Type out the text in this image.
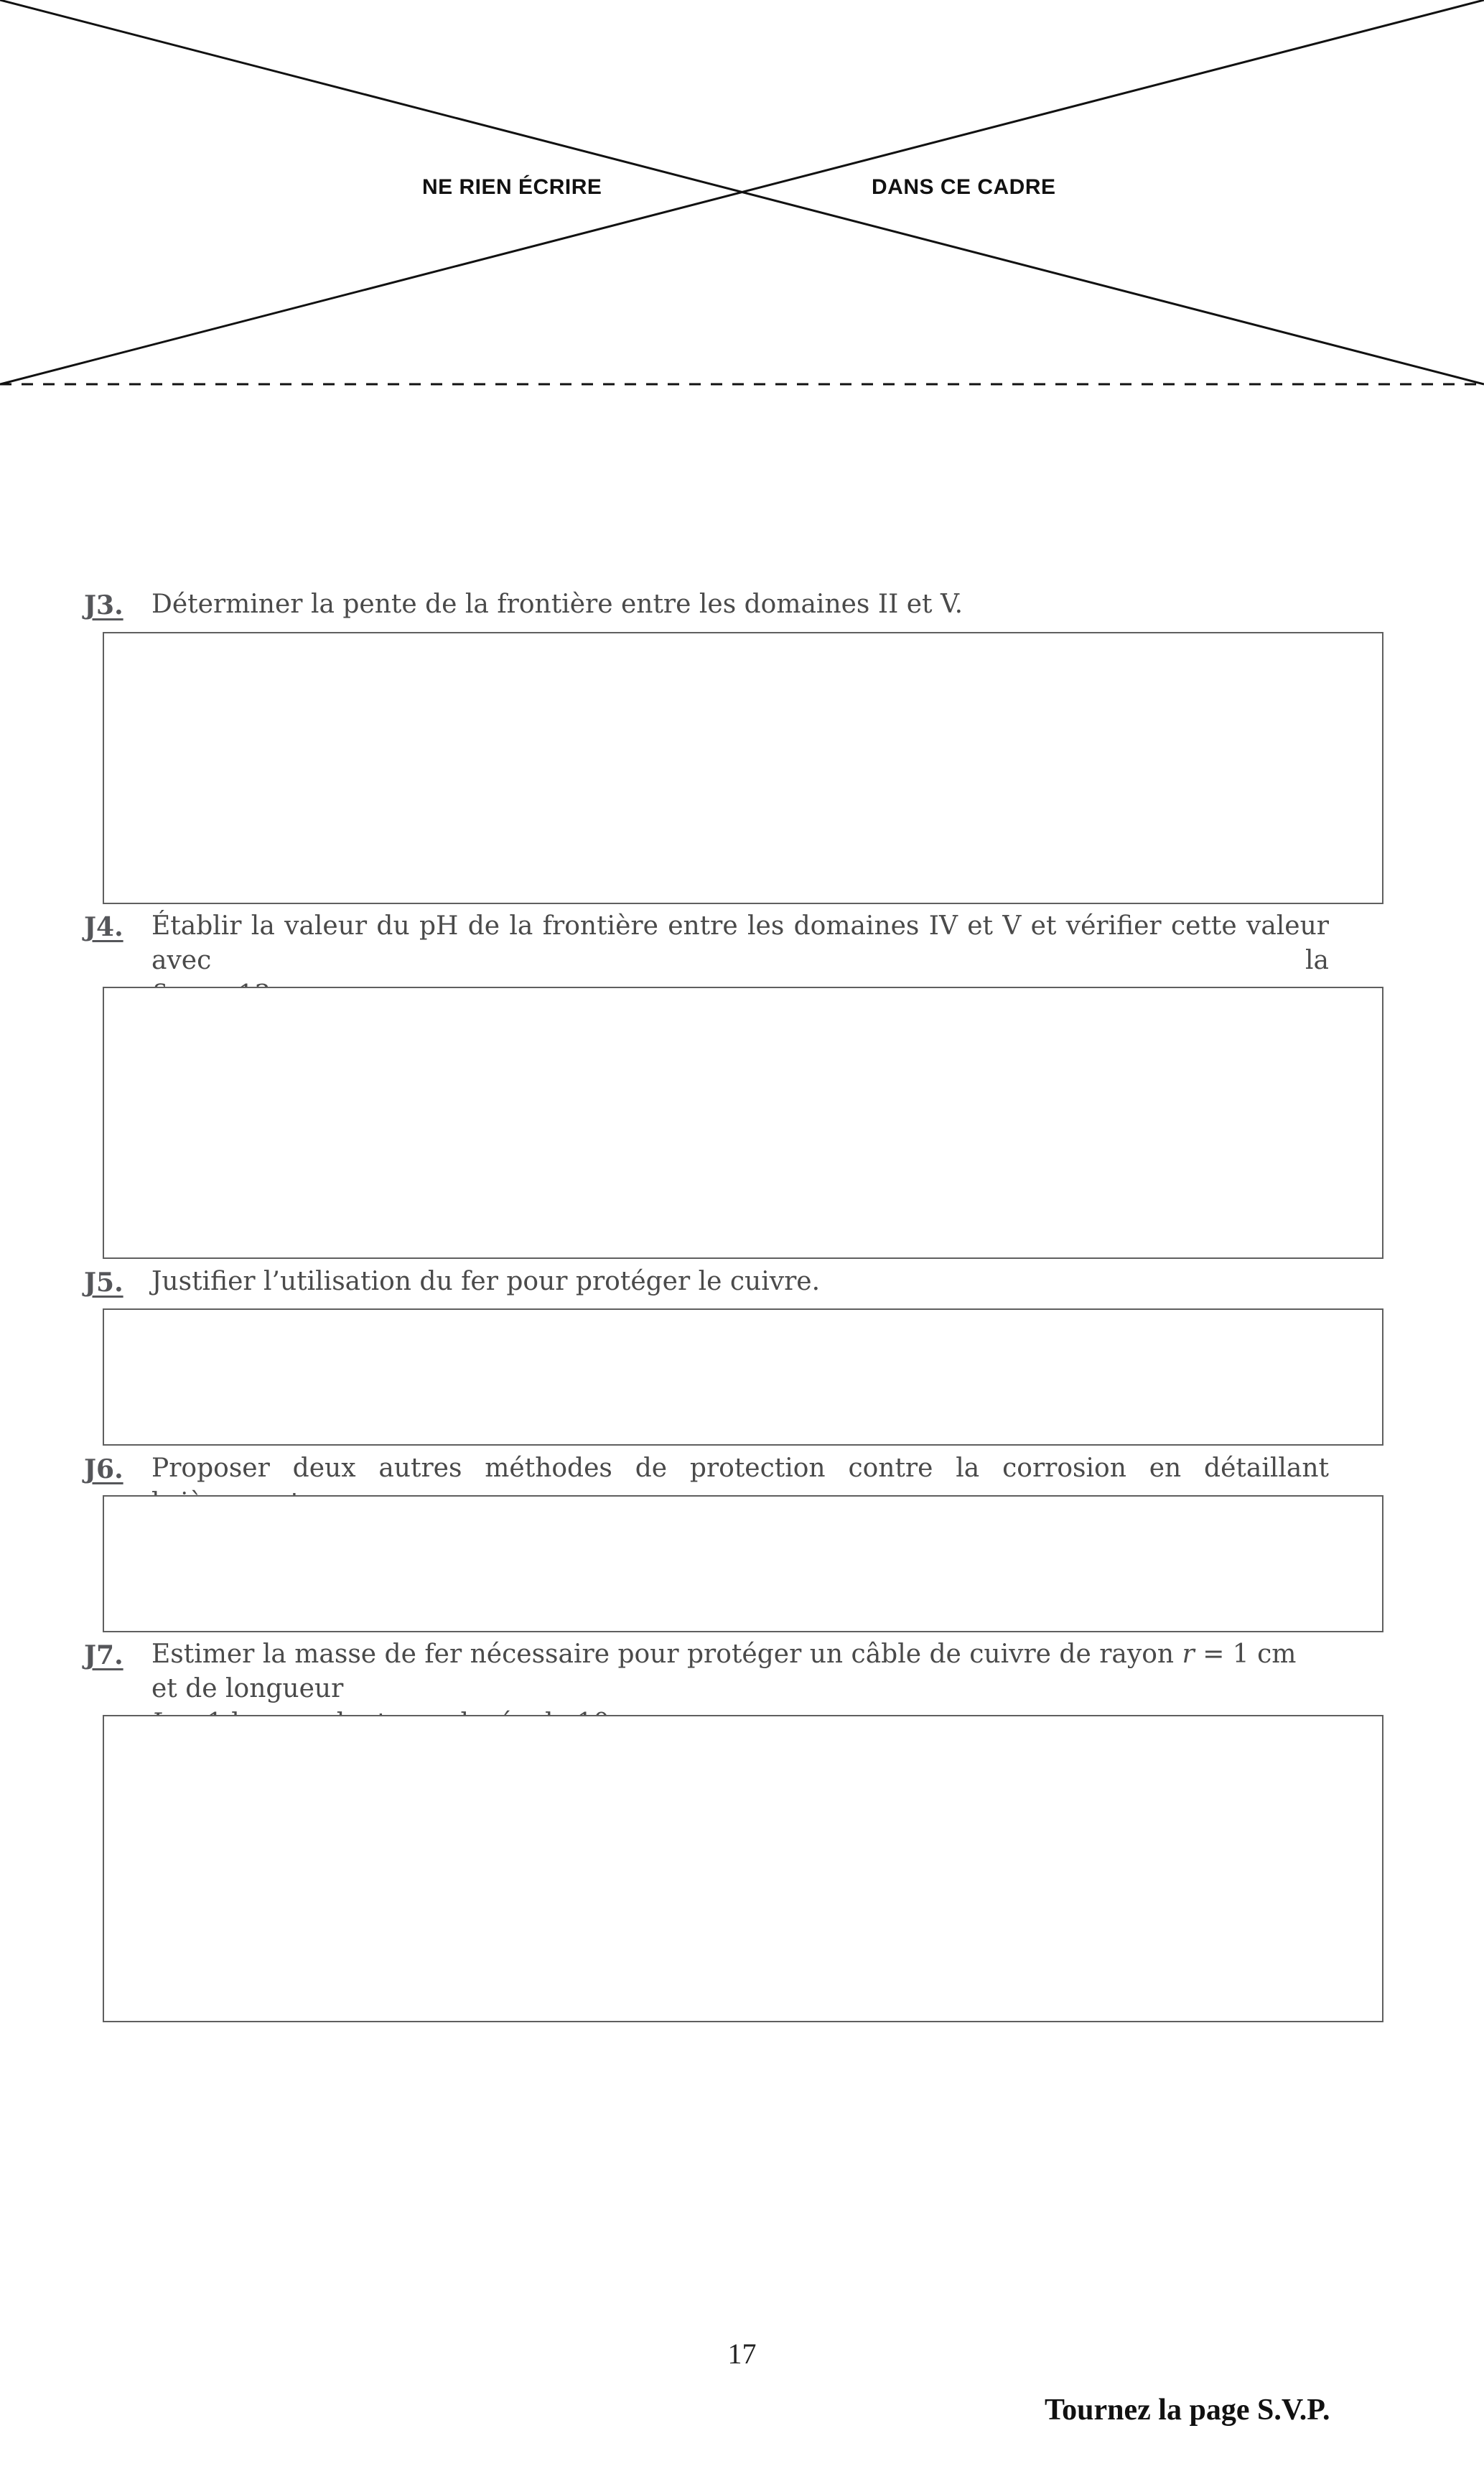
NE RIEN ÉCRIRE	DANS CE CADRE
J3. Déterminer la pente de la frontière entre les domaines II et V.
J4. Établir la valeur du pH de la frontière entre les domaines IV et V et vérifier cette valeur avec la
J5. Justifier l’utilisation du fer pour protéger le cuivre.
J6. Proposer deux autres méthodes de protection contre la corrosion en détaillant
J7. Estimer la masse de fer nécessaire pour protéger un câble de cuivre de rayon r = 1 cm et de longueur
17
Tournez la page S.V.P.
